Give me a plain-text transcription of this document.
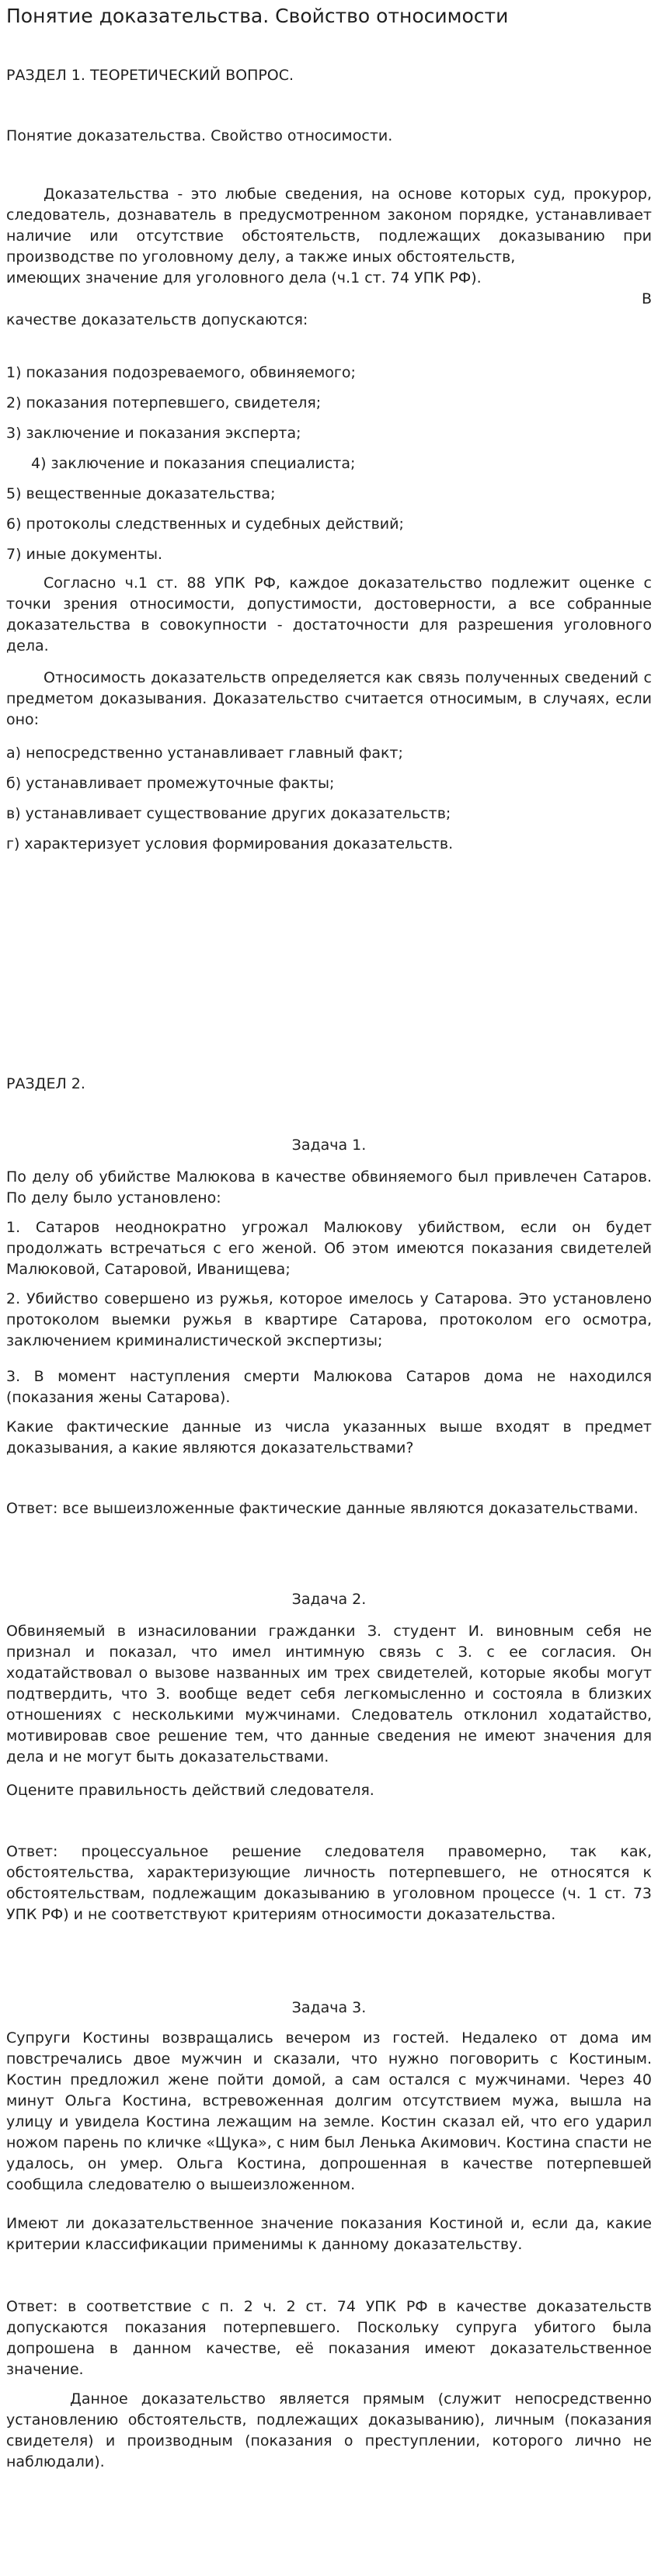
Понятие доказательства. Свойство относимости
РАЗДЕЛ 1. ТЕОРЕТИЧЕСКИЙ ВОПРОС.
Понятие доказательства. Свойство относимости.
Доказательства - это любые сведения, на основе которых суд, прокурор, следователь, дознаватель в предусмотренном законом порядке, устанавливает наличие или отсутствие обстоятельств, подлежащих доказыванию при производстве по уголовному делу, а также иных обстоятельств,
имеющих значение для уголовного дела (ч.1 ст. 74 УПК РФ).
В
качестве доказательств допускаются:
1) показания подозреваемого, обвиняемого;
2) показания потерпевшего, свидетеля;
3) заключение и показания эксперта;
4) заключение и показания специалиста;
5) вещественные доказательства;
6) протоколы следственных и судебных действий;
7) иные документы.
Согласно ч.1 ст. 88 УПК РФ, каждое доказательство подлежит оценке с точки зрения относимости, допустимости, достоверности, а все собранные доказательства в совокупности - достаточности для разрешения уголовного дела.
Относимость доказательств определяется как связь полученных сведений с предметом доказывания. Доказательство считается относимым, в случаях, если оно:
а) непосредственно устанавливает главный факт;
б) устанавливает промежуточные факты;
в) устанавливает существование других доказательств;
г) характеризует условия формирования доказательств.
РАЗДЕЛ 2.
Задача 1.
По делу об убийстве Малюкова в качестве обвиняемого был привлечен Сатаров. По делу было установлено:
1. Сатаров неоднократно угрожал Малюкову убийством, если он будет продолжать встречаться с его женой. Об этом имеются показания свидетелей Малюковой, Сатаровой, Иванищева;
2. Убийство совершено из ружья, которое имелось у Сатарова. Это установлено протоколом выемки ружья в квартире Сатарова, протоколом его осмотра, заключением криминалистической экспертизы;
3. В момент наступления смерти Малюкова Сатаров дома не находился (показания жены Сатарова).
Какие фактические данные из числа указанных выше входят в предмет доказывания, а какие являются доказательствами?
Ответ: все вышеизложенные фактические данные являются доказательствами.
Задача 2.
Обвиняемый в изнасиловании гражданки З. студент И. виновным себя не признал и показал, что имел интимную связь с З. с ее согласия. Он ходатайствовал о вызове названных им трех свидетелей, которые якобы могут подтвердить, что З. вообще ведет себя легкомысленно и состояла в близких отношениях с несколькими мужчинами. Следователь отклонил ходатайство, мотивировав свое решение тем, что данные сведения не имеют значения для дела и не могут быть доказательствами.
Оцените правильность действий следователя.
Ответ: процессуальное решение следователя правомерно, так как, обстоятельства, характеризующие личность потерпевшего, не относятся к обстоятельствам, подлежащим доказыванию в уголовном процессе (ч. 1 ст. 73 УПК РФ) и не соответствуют критериям относимости доказательства.
Задача 3.
Супруги Костины возвращались вечером из гостей. Недалеко от дома им повстречались двое мужчин и сказали, что нужно поговорить с Костиным. Костин предложил жене пойти домой, а сам остался с мужчинами. Через 40 минут Ольга Костина, встревоженная долгим отсутствием мужа, вышла на улицу и увидела Костина лежащим на земле. Костин сказал ей, что его ударил ножом парень по кличке «Щука», с ним был Ленька Акимович. Костина спасти не удалось, он умер. Ольга Костина, допрошенная в качестве потерпевшей сообщила следователю о вышеизложенном.
Имеют ли доказательственное значение показания Костиной и, если да, какие критерии классификации применимы к данному доказательству.
Ответ: в соответствие с п. 2 ч. 2 ст. 74 УПК РФ в качестве доказательств допускаются показания потерпевшего. Поскольку супруга убитого была допрошена в данном качестве, её показания имеют доказательственное значение.
Данное доказательство является прямым (служит непосредственно установлению обстоятельств, подлежащих доказыванию), личным (показания свидетеля) и производным (показания о преступлении, которого лично не наблюдали).
